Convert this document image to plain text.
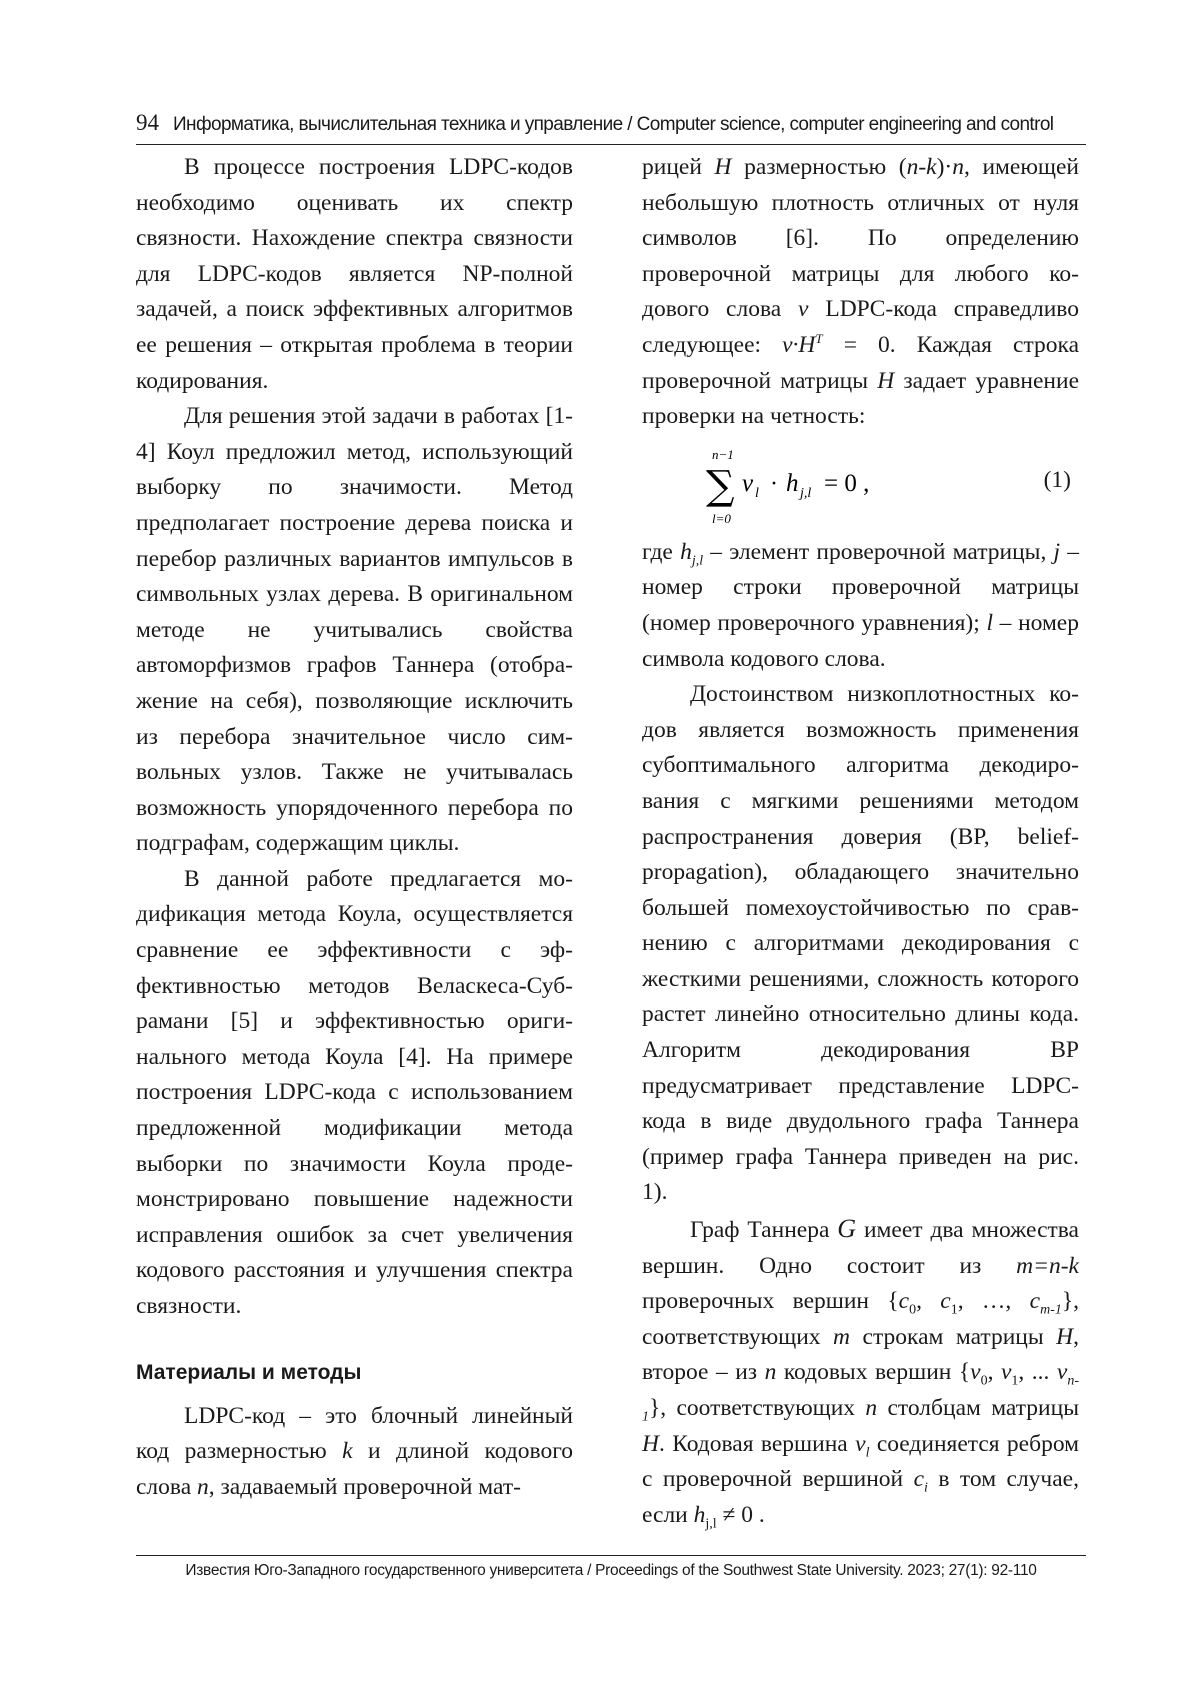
94 Информатика, вычислительная техника и управление / Computer science, computer engineering and control

В процессе построения LDPC-кодов необходимо оценивать их спектр связности. Нахождение спектра связности для LDPC-кодов является NP-полной задачей, а поиск эффективных алгоритмов ее решения – открытая проблема в теории кодирования.

Для решения этой задачи в работах [1-4] Коул предложил метод, использующий выборку по значимости. Метод предполагает построение дерева поиска и перебор различных вариантов импульсов в символьных узлах дерева. В оригинальном методе не учитывались свойства автоморфизмов графов Таннера (отображение на себя), позволяющие исключить из перебора значительное число символьных узлов. Также не учитывалась возможность упорядоченного перебора по подграфам, содержащим циклы.

В данной работе предлагается модификация метода Коула, осуществляется сравнение ее эффективности с эффективностью методов Веласкеса-Субрамани [5] и эффективностью оригинального метода Коула [4]. На примере построения LDPC-кода с использованием предложенной модификации метода выборки по значимости Коула продемонстрировано повышение надежности исправления ошибок за счет увеличения кодового расстояния и улучшения спектра связности.

Материалы и методы

LDPC-код – это блочный линейный код размерностью k и длиной кодового слова n, задаваемый проверочной мат-

рицей H размерностью (n-k)·n, имеющей небольшую плотность отличных от нуля символов [6]. По определению проверочной матрицы для любого кодового слова v LDPC-кода справедливо следующее: $v\cdot H^T = 0$. Каждая строка проверочной матрицы H задает уравнение проверки на четность:

n−1
∑
l=0
v l · h j,l = 0 ,	(1)

где $h_{j,l}$ – элемент проверочной матрицы, j – номер строки проверочной матрицы (номер проверочного уравнения); l – номер символа кодового слова.

Достоинством низкоплотностных кодов является возможность применения субоптимального алгоритма декодирования с мягкими решениями методом распространения доверия (BP, belief-propagation), обладающего значительно большей помехоустойчивостью по сравнению с алгоритмами декодирования с жесткими решениями, сложность которого растет линейно относительно длины кода. Алгоритм декодирования BP предусматривает представление LDPC-кода в виде двудольного графа Таннера (пример графа Таннера приведен на рис. 1).

Граф Таннера G имеет два множества вершин. Одно состоит из m=n-k проверочных вершин {$c_0$, $c_1$, …, $c_{m-1}$}, соответствующих m строкам матрицы H, второе – из n кодовых вершин {$v_0$, $v_1$, ... $v_{n-1}$}, соответствующих n столбцам матрицы H. Кодовая вершина $v_l$ соединяется ребром с проверочной вершиной $c_i$ в том случае, если $h_{j,l} \ne 0$ .

Известия Юго-Западного государственного университета / Proceedings of the Southwest State University. 2023; 27(1): 92-110
